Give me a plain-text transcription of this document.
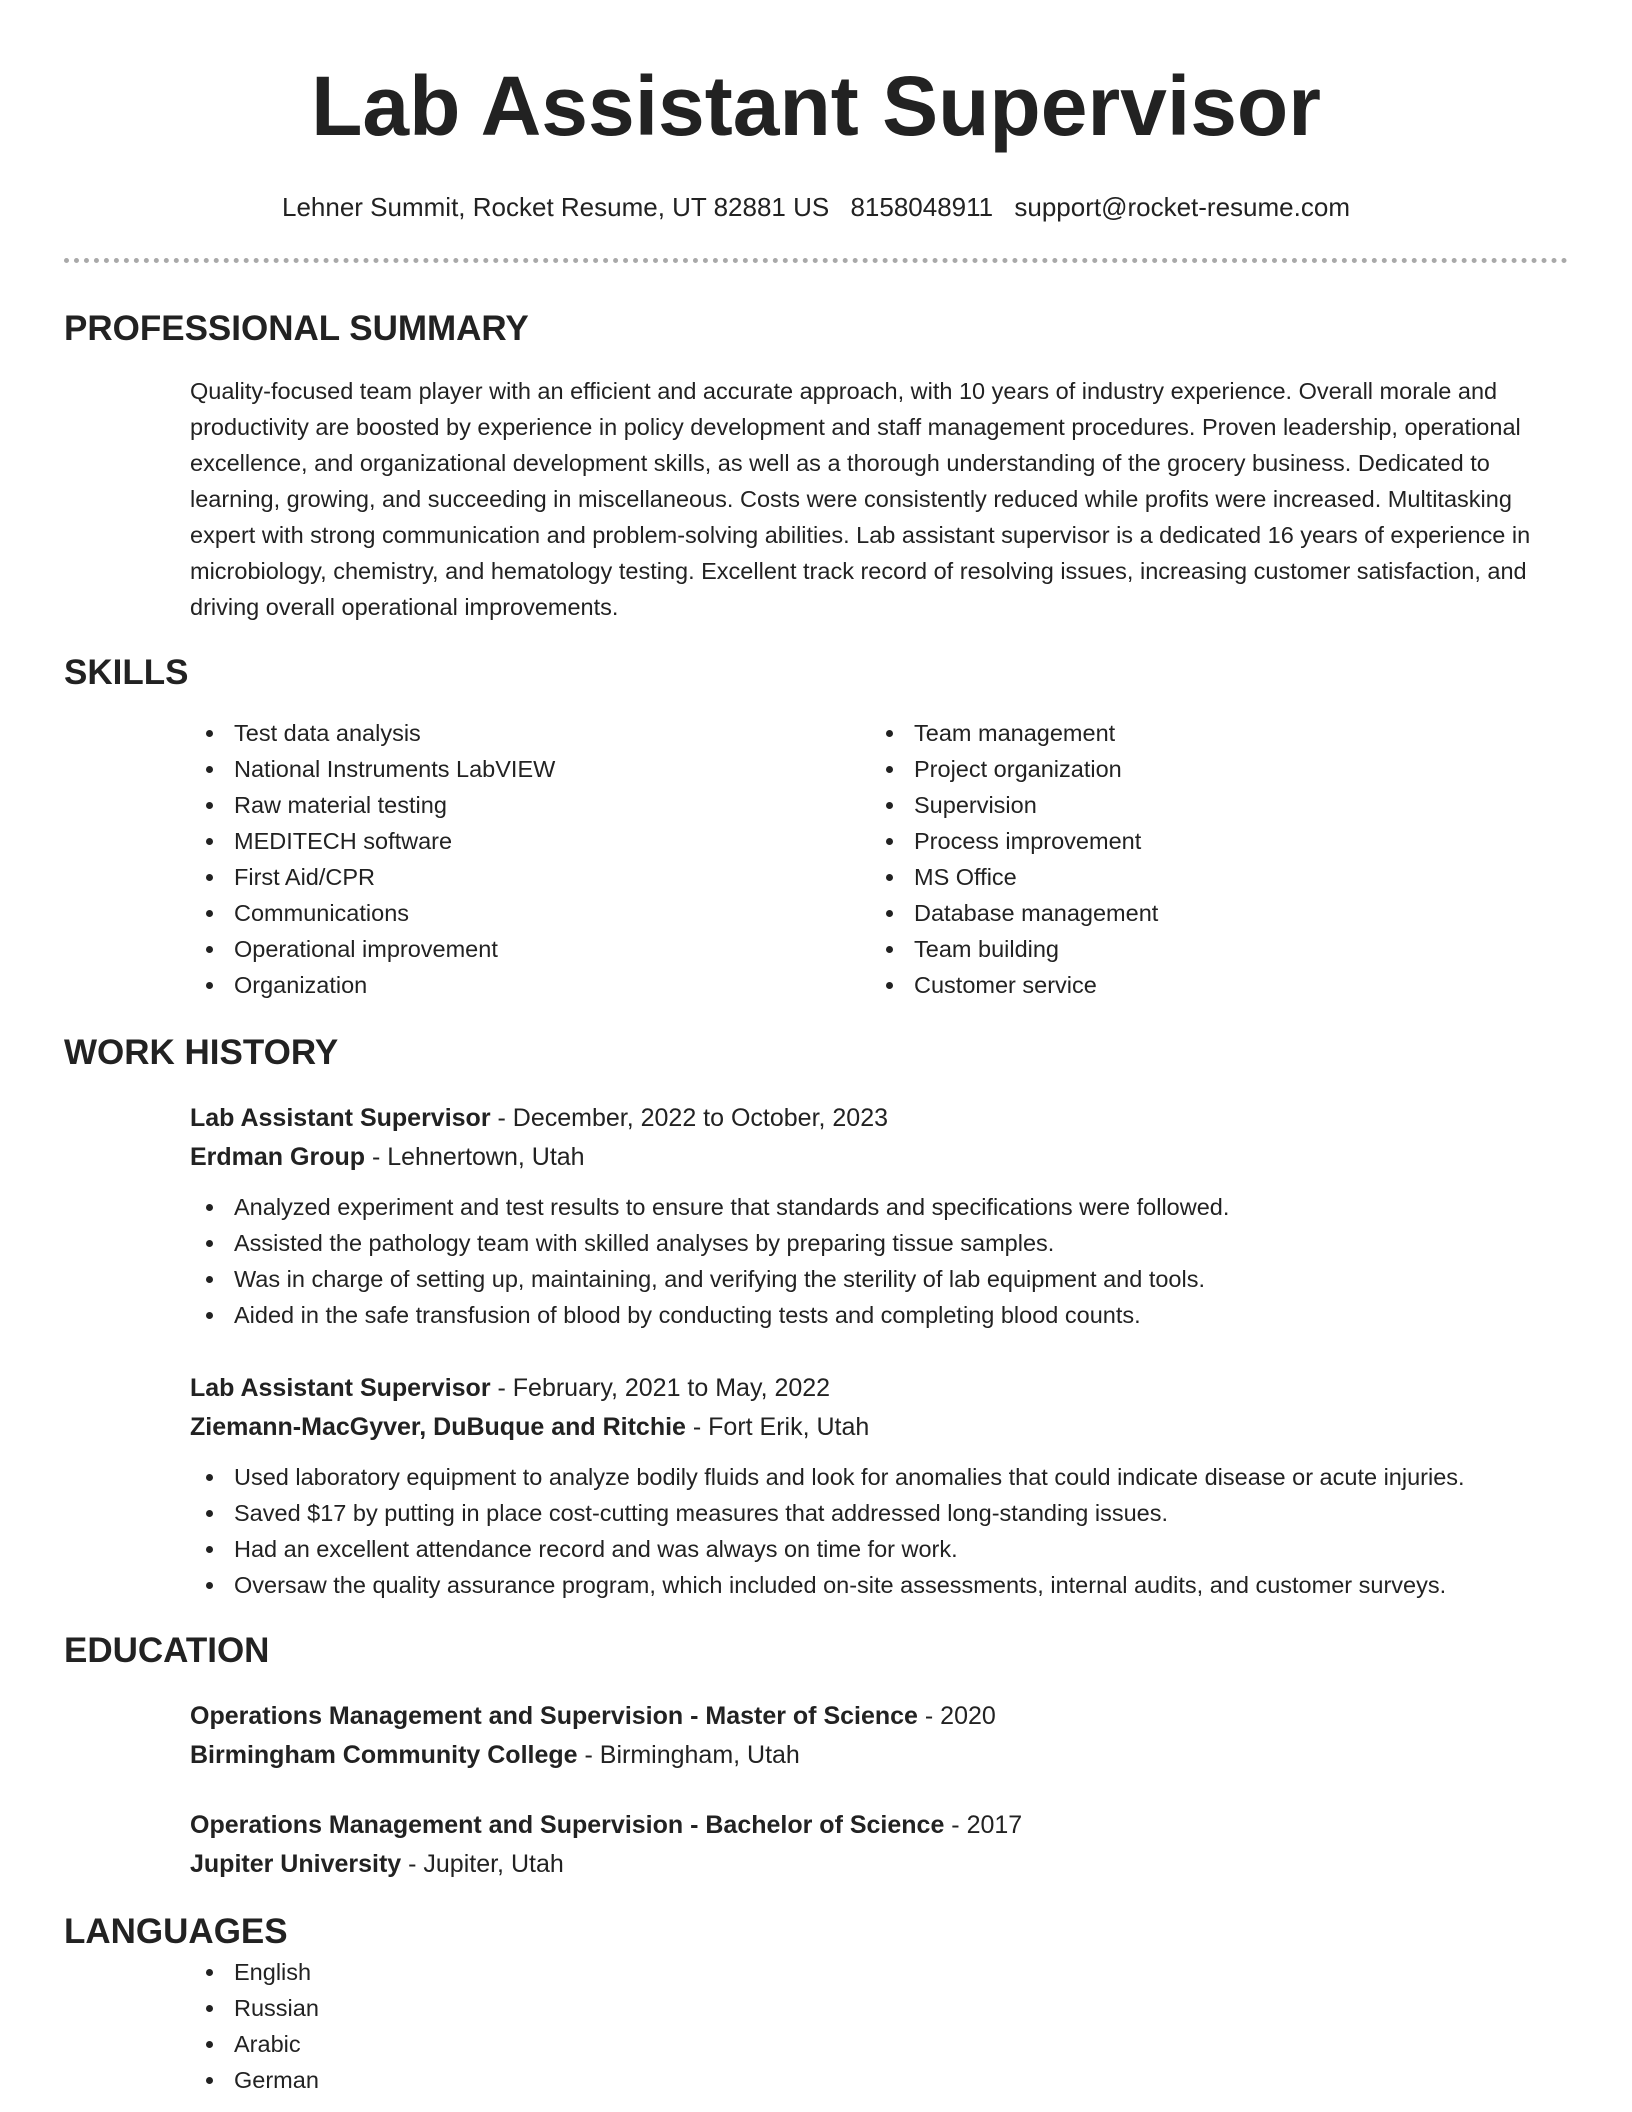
Lab Assistant Supervisor
Lehner Summit, Rocket Resume, UT 82881 US 8158048911 support@rocket-resume.com
PROFESSIONAL SUMMARY

Quality-focused team player with an efficient and accurate approach, with 10 years of industry experience. Overall morale and productivity are boosted by experience in policy development and staff management procedures. Proven leadership, operational excellence, and organizational development skills, as well as a thorough understanding of the grocery business. Dedicated to learning, growing, and succeeding in miscellaneous. Costs were consistently reduced while profits were increased. Multitasking expert with strong communication and problem-solving abilities. Lab assistant supervisor is a dedicated 16 years of experience in microbiology, chemistry, and hematology testing. Excellent track record of resolving issues, increasing customer satisfaction, and driving overall operational improvements.

SKILLS
Test data analysis
National Instruments LabVIEW
Raw material testing
MEDITECH software
First Aid/CPR
Communications
Operational improvement
Organization
Team management
Project organization
Supervision
Process improvement
MS Office
Database management
Team building
Customer service
WORK HISTORY
Lab Assistant Supervisor - December, 2022 to October, 2023
Erdman Group - Lehnertown, Utah
Analyzed experiment and test results to ensure that standards and specifications were followed.
Assisted the pathology team with skilled analyses by preparing tissue samples.
Was in charge of setting up, maintaining, and verifying the sterility of lab equipment and tools.
Aided in the safe transfusion of blood by conducting tests and completing blood counts.
Lab Assistant Supervisor - February, 2021 to May, 2022
Ziemann-MacGyver, DuBuque and Ritchie - Fort Erik, Utah
Used laboratory equipment to analyze bodily fluids and look for anomalies that could indicate disease or acute injuries.
Saved $17 by putting in place cost-cutting measures that addressed long-standing issues.
Had an excellent attendance record and was always on time for work.
Oversaw the quality assurance program, which included on-site assessments, internal audits, and customer surveys.
EDUCATION
Operations Management and Supervision - Master of Science - 2020
Birmingham Community College - Birmingham, Utah
Operations Management and Supervision - Bachelor of Science - 2017
Jupiter University - Jupiter, Utah
LANGUAGES
English
Russian
Arabic
German
